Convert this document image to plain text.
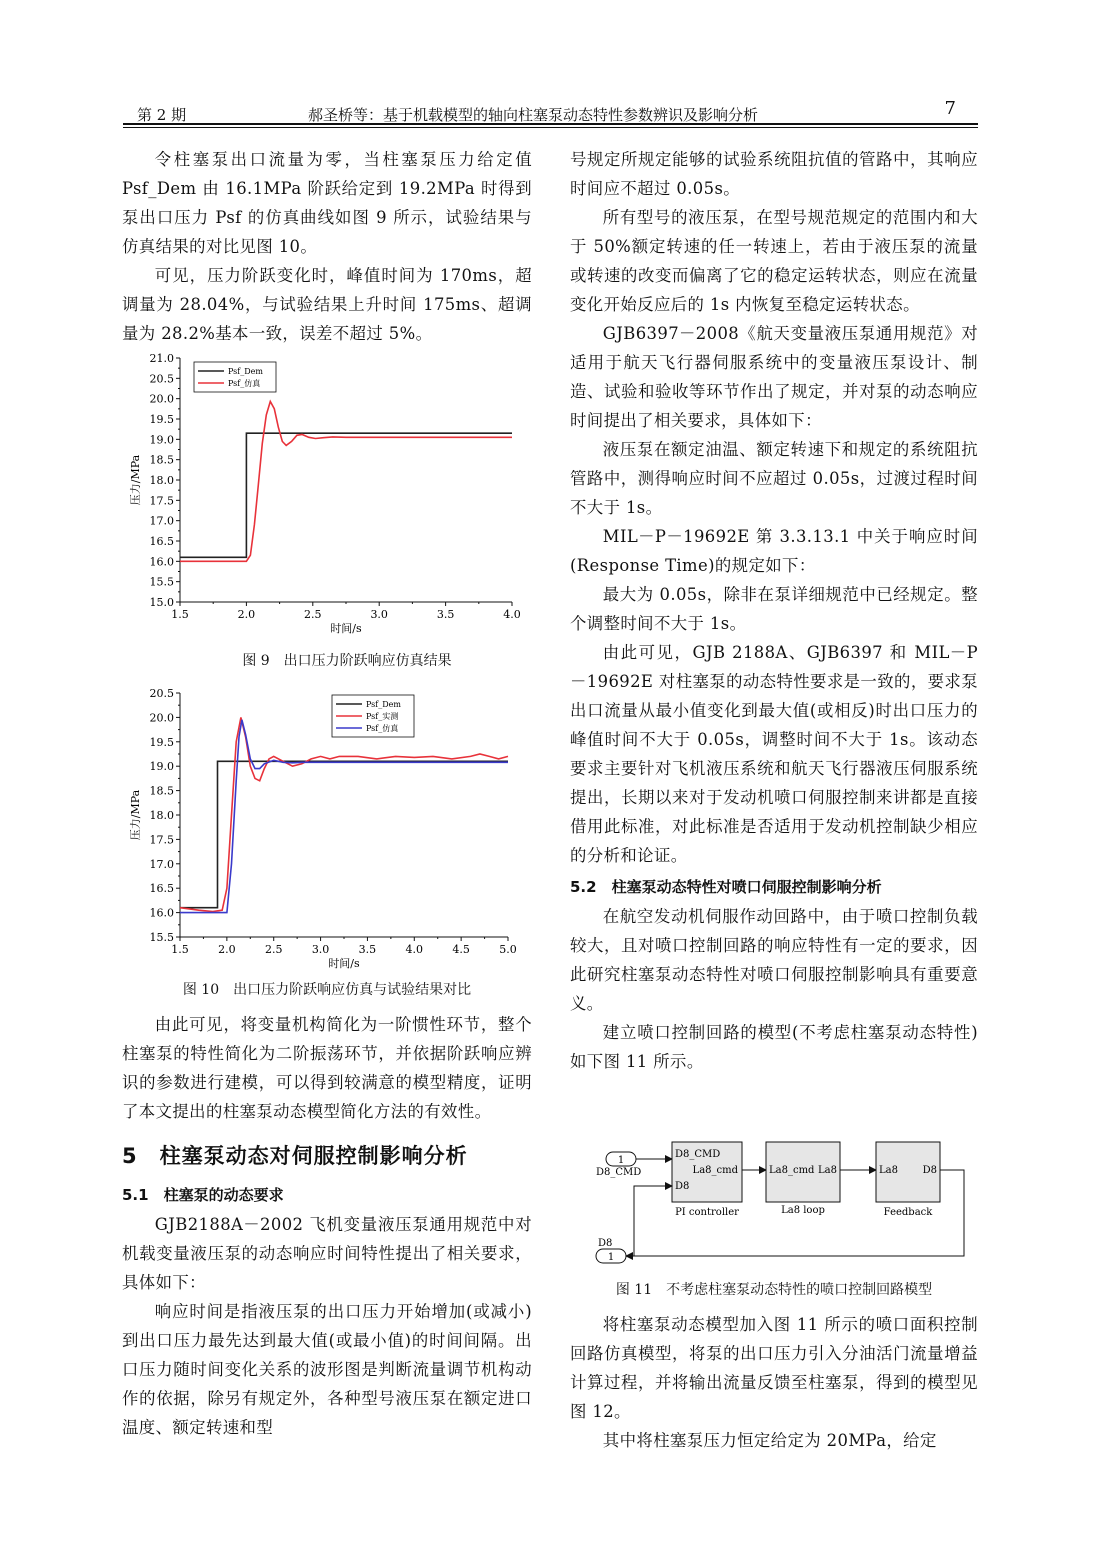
第 2 期	郝圣桥等：基于机载模型的轴向柱塞泵动态特性参数辨识及影响分析	7

令柱塞泵出口流量为零，当柱塞泵压力给定值 Psf_Dem 由 16.1MPa 阶跃给定到 19.2MPa 时得到泵出口压力 Psf 的仿真曲线如图 9 所示，试验结果与仿真结果的对比见图 10。

可见，压力阶跃变化时，峰值时间为 170ms，超调量为 28.04%，与试验结果上升时间 175ms、超调量为 28.2%基本一致，误差不超过 5%。

15.0
15.5
16.0
16.5
17.0
17.5
18.0
18.5
19.0
19.5
20.0
20.5
21.0
1.5	2.0	2.5	3.0	3.5	4.0
时间/s
压力/MPa
Psf_Dem
Psf_仿真
图 9　出口压力阶跃响应仿真结果
15.5
16.0
16.5
17.0
17.5
18.0
18.5
19.0
19.5
20.0
20.5
1.5	2.0	2.5	3.0	3.5	4.0	4.5	5.0
时间/s
压力/MPa
Psf_Dem
Psf_实测
Psf_仿真
图 10　出口压力阶跃响应仿真与试验结果对比

由此可见，将变量机构简化为一阶惯性环节，整个柱塞泵的特性简化为二阶振荡环节，并依据阶跃响应辨识的参数进行建模，可以得到较满意的模型精度，证明了本文提出的柱塞泵动态模型简化方法的有效性。

5　柱塞泵动态对伺服控制影响分析
5.1　柱塞泵的动态要求

GJB2188A－2002 飞机变量液压泵通用规范中对机载变量液压泵的动态响应时间特性提出了相关要求，具体如下：

响应时间是指液压泵的出口压力开始增加(或减小)到出口压力最先达到最大值(或最小值)的时间间隔。出口压力随时间变化关系的波形图是判断流量调节机构动作的依据，除另有规定外，各种型号液压泵在额定进口温度、额定转速和型

号规定所规定能够的试验系统阻抗值的管路中，其响应时间应不超过 0.05s。

所有型号的液压泵，在型号规范规定的范围内和大于 50%额定转速的任一转速上，若由于液压泵的流量或转速的改变而偏离了它的稳定运转状态，则应在流量变化开始反应后的 1s 内恢复至稳定运转状态。

GJB6397－2008《航天变量液压泵通用规范》对适用于航天飞行器伺服系统中的变量液压泵设计、制造、试验和验收等环节作出了规定，并对泵的动态响应时间提出了相关要求，具体如下：

液压泵在额定油温、额定转速下和规定的系统阻抗管路中，测得响应时间不应超过 0.05s，过渡过程时间不大于 1s。

MIL－P－19692E 第 3.3.13.1 中关于响应时间(Response Time)的规定如下：

最大为 0.05s，除非在泵详细规范中已经规定。整个调整时间不大于 1s。

由此可见，GJB 2188A、GJB6397 和 MIL－P－19692E 对柱塞泵的动态特性要求是一致的，要求泵出口流量从最小值变化到最大值(或相反)时出口压力的峰值时间不大于 0.05s，调整时间不大于 1s。该动态要求主要针对飞机液压系统和航天飞行器液压伺服系统提出，长期以来对于发动机喷口伺服控制来讲都是直接借用此标准，对此标准是否适用于发动机控制缺少相应的分析和论证。

5.2　柱塞泵动态特性对喷口伺服控制影响分析

在航空发动机伺服作动回路中，由于喷口控制负载较大，且对喷口控制回路的响应特性有一定的要求，因此研究柱塞泵动态特性对喷口伺服控制影响具有重要意义。

建立喷口控制回路的模型(不考虑柱塞泵动态特性)如下图 11 所示。

1
D8_CMD
D8_CMD
La8_cmd
D8
PI controller
La8_cmd La8
La8 loop
La8 D8
Feedback
1
D8
图 11　不考虑柱塞泵动态特性的喷口控制回路模型

将柱塞泵动态模型加入图 11 所示的喷口面积控制回路仿真模型，将泵的出口压力引入分油活门流量增益计算过程，并将输出流量反馈至柱塞泵，得到的模型见图 12。

其中将柱塞泵压力恒定给定为 20MPa，给定
